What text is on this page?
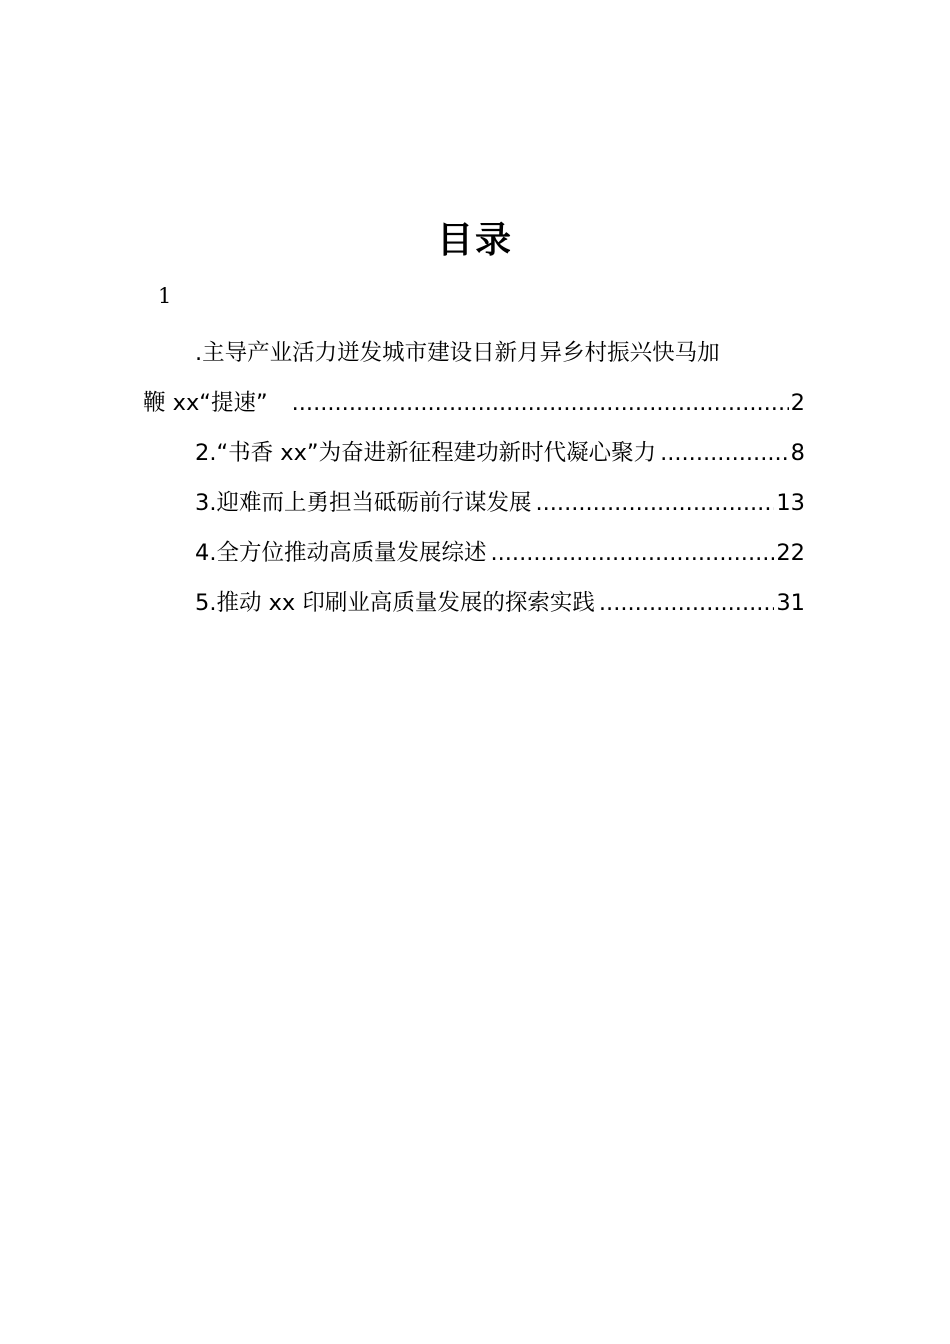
目录
1
.主导产业活力迸发城市建设日新月异乡村振兴快马加
鞭 xx“提速” .....	2
2.“书香 xx”为奋进新征程建功新时代凝心聚力 .....	8
3.迎难而上勇担当砥砺前行谋发展 .....	13
4.全方位推动高质量发展综述 .....	22
5.推动 xx 印刷业高质量发展的探索实践 .....	31
